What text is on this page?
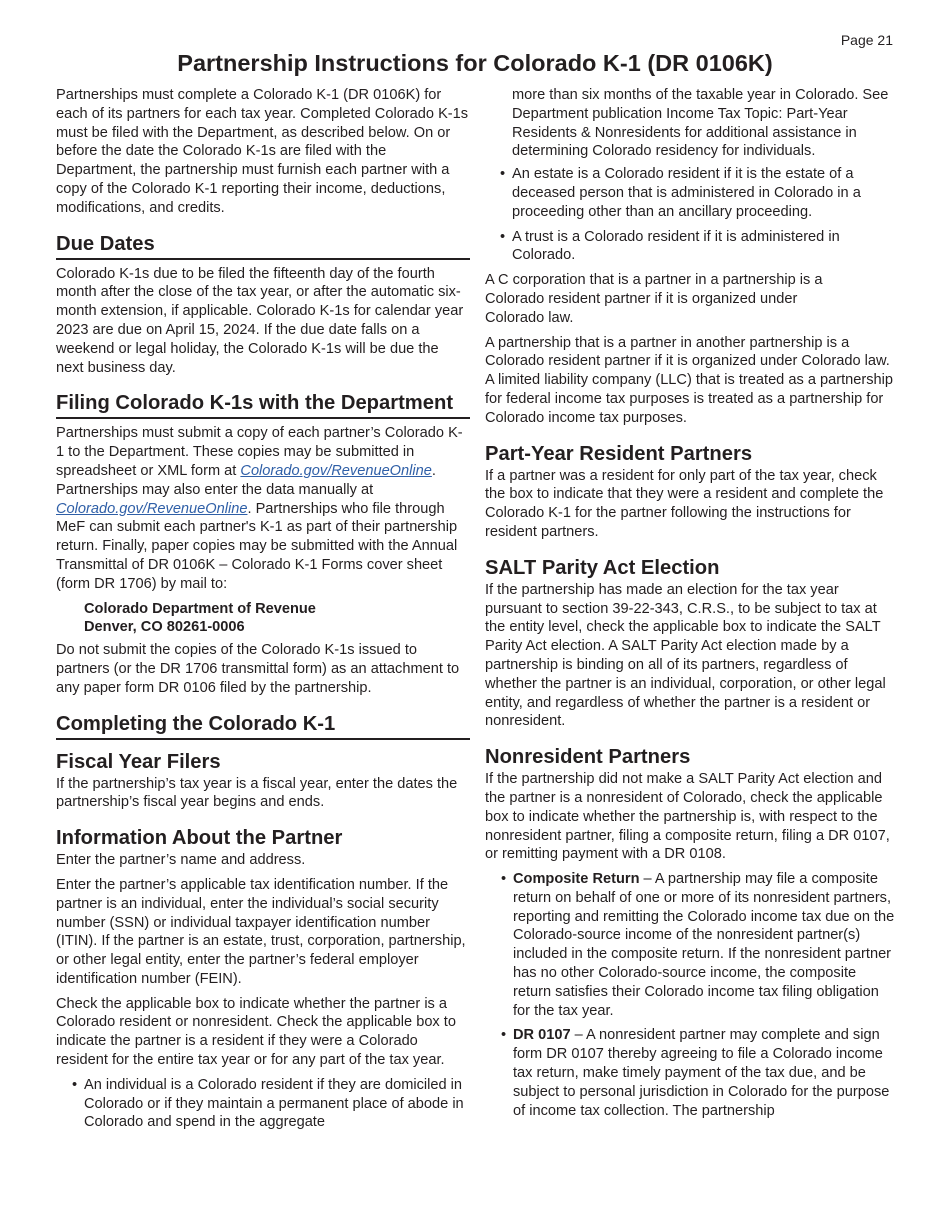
Page 21
Partnership Instructions for Colorado K-1 (DR 0106K)

Partnerships must complete a Colorado K-1 (DR 0106K) for each of its partners for each tax year. Completed Colorado K-1s must be filed with the Department, as described below. On or before the date the Colorado K-1s are filed with the Department, the partnership must furnish each partner with a copy of the Colorado K-1 reporting their income, deductions, modifications, and credits.

Due Dates

Colorado K-1s due to be filed the fifteenth day of the fourth month after the close of the tax year, or after the automatic six-month extension, if applicable. Colorado K-1s for calendar year 2023 are due on April 15, 2024. If the due date falls on a weekend or legal holiday, the Colorado K-1s will be due the next business day.

Filing Colorado K-1s with the Department

Partnerships must submit a copy of each partner’s Colorado K-1 to the Department. These copies may be submitted in spreadsheet or XML form at Colorado.gov/RevenueOnline. Partnerships may also enter the data manually at Colorado.gov/RevenueOnline. Partnerships who file through MeF can submit each partner's K-1 as part of their partnership return. Finally, paper copies may be submitted with the Annual Transmittal of DR 0106K – Colorado K-1 Forms cover sheet (form DR 1706) by mail to:

Colorado Department of Revenue
Denver, CO 80261-0006

Do not submit the copies of the Colorado K-1s issued to partners (or the DR 1706 transmittal form) as an attachment to any paper form DR 0106 filed by the partnership.

Completing the Colorado K-1
Fiscal Year Filers

If the partnership’s tax year is a fiscal year, enter the dates the partnership’s fiscal year begins and ends.

Information About the Partner

Enter the partner’s name and address.

Enter the partner’s applicable tax identification number. If the partner is an individual, enter the individual’s social security number (SSN) or individual taxpayer identification number (ITIN). If the partner is an estate, trust, corporation, partnership, or other legal entity, enter the partner’s federal employer identification number (FEIN).

Check the applicable box to indicate whether the partner is a Colorado resident or nonresident. Check the applicable box to indicate the partner is a resident if they were a Colorado resident for the entire tax year or for any part of the tax year.

• An individual is a Colorado resident if they are domiciled in Colorado or if they maintain a permanent place of abode in Colorado and spend in the aggregate
more than six months of the taxable year in Colorado. See Department publication Income Tax Topic: Part-Year Residents & Nonresidents for additional assistance in determining Colorado residency for individuals.
• An estate is a Colorado resident if it is the estate of a deceased person that is administered in Colorado in a proceeding other than an ancillary proceeding.
• A trust is a Colorado resident if it is administered in Colorado.

A C corporation that is a partner in a partnership is a Colorado resident partner if it is organized under Colorado law.

A partnership that is a partner in another partnership is a Colorado resident partner if it is organized under Colorado law. A limited liability company (LLC) that is treated as a partnership for federal income tax purposes is treated as a partnership for Colorado income tax purposes.

Part-Year Resident Partners

If a partner was a resident for only part of the tax year, check the box to indicate that they were a resident and complete the Colorado K-1 for the partner following the instructions for resident partners.

SALT Parity Act Election

If the partnership has made an election for the tax year pursuant to section 39-22-343, C.R.S., to be subject to tax at the entity level, check the applicable box to indicate the SALT Parity Act election. A SALT Parity Act election made by a partnership is binding on all of its partners, regardless of whether the partner is an individual, corporation, or other legal entity, and regardless of whether the partner is a resident or nonresident.

Nonresident Partners

If the partnership did not make a SALT Parity Act election and the partner is a nonresident of Colorado, check the applicable box to indicate whether the partnership is, with respect to the nonresident partner, filing a composite return, filing a DR 0107, or remitting payment with a DR 0108.

• Composite Return – A partnership may file a composite return on behalf of one or more of its nonresident partners, reporting and remitting the Colorado income tax due on the Colorado-source income of the nonresident partner(s) included in the composite return. If the nonresident partner has no other Colorado-source income, the composite return satisfies their Colorado income tax filing obligation for the tax year.
• DR 0107 – A nonresident partner may complete and sign form DR 0107 thereby agreeing to file a Colorado income tax return, make timely payment of the tax due, and be subject to personal jurisdiction in Colorado for the purpose of income tax collection. The partnership
